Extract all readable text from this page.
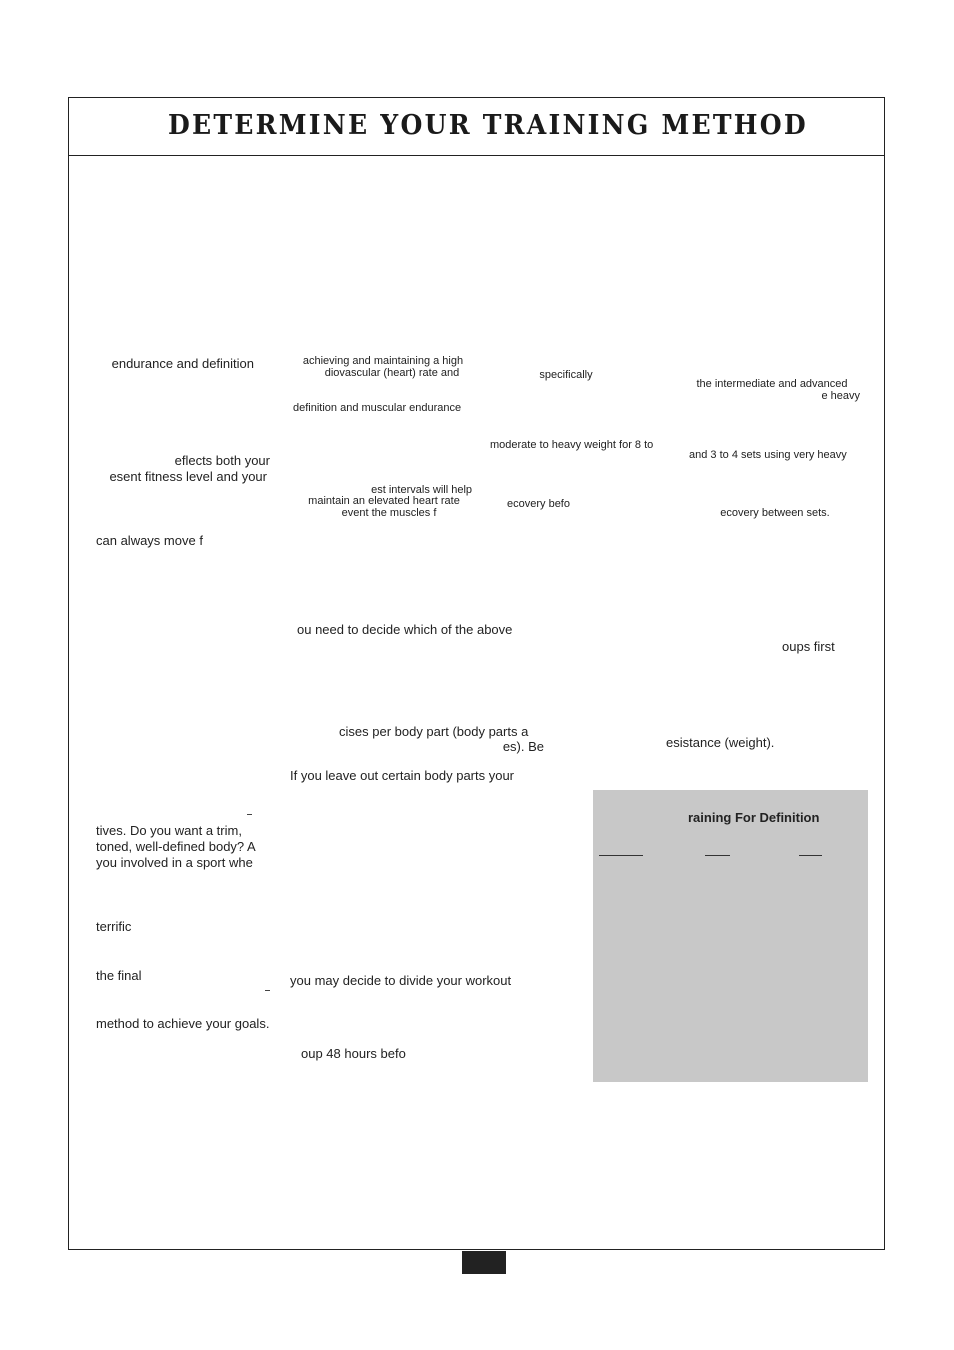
DETERMINE YOUR TRAINING METHOD
endurance and definition
eflects both your
esent fitness level and your
can always move f
tives. Do you want a trim,
toned, well-defined body? A
you involved in a sport whe
terrific
the final
method to achieve your goals.
achieving and maintaining a high
diovascular (heart) rate and
definition and muscular endurance
est intervals will help
maintain an elevated heart rate
event the muscles f
specifically
moderate to heavy weight for 8 to
ecovery befo
the intermediate and advanced
e heavy
and 3 to 4 sets using very heavy
ecovery between sets.
ou need to decide which of the above
oups first
cises per body part (body parts a
es). Be	esistance (weight).
If you leave out certain body parts your
you may decide to divide your workout
oup 48 hours befo
raining For Definition
